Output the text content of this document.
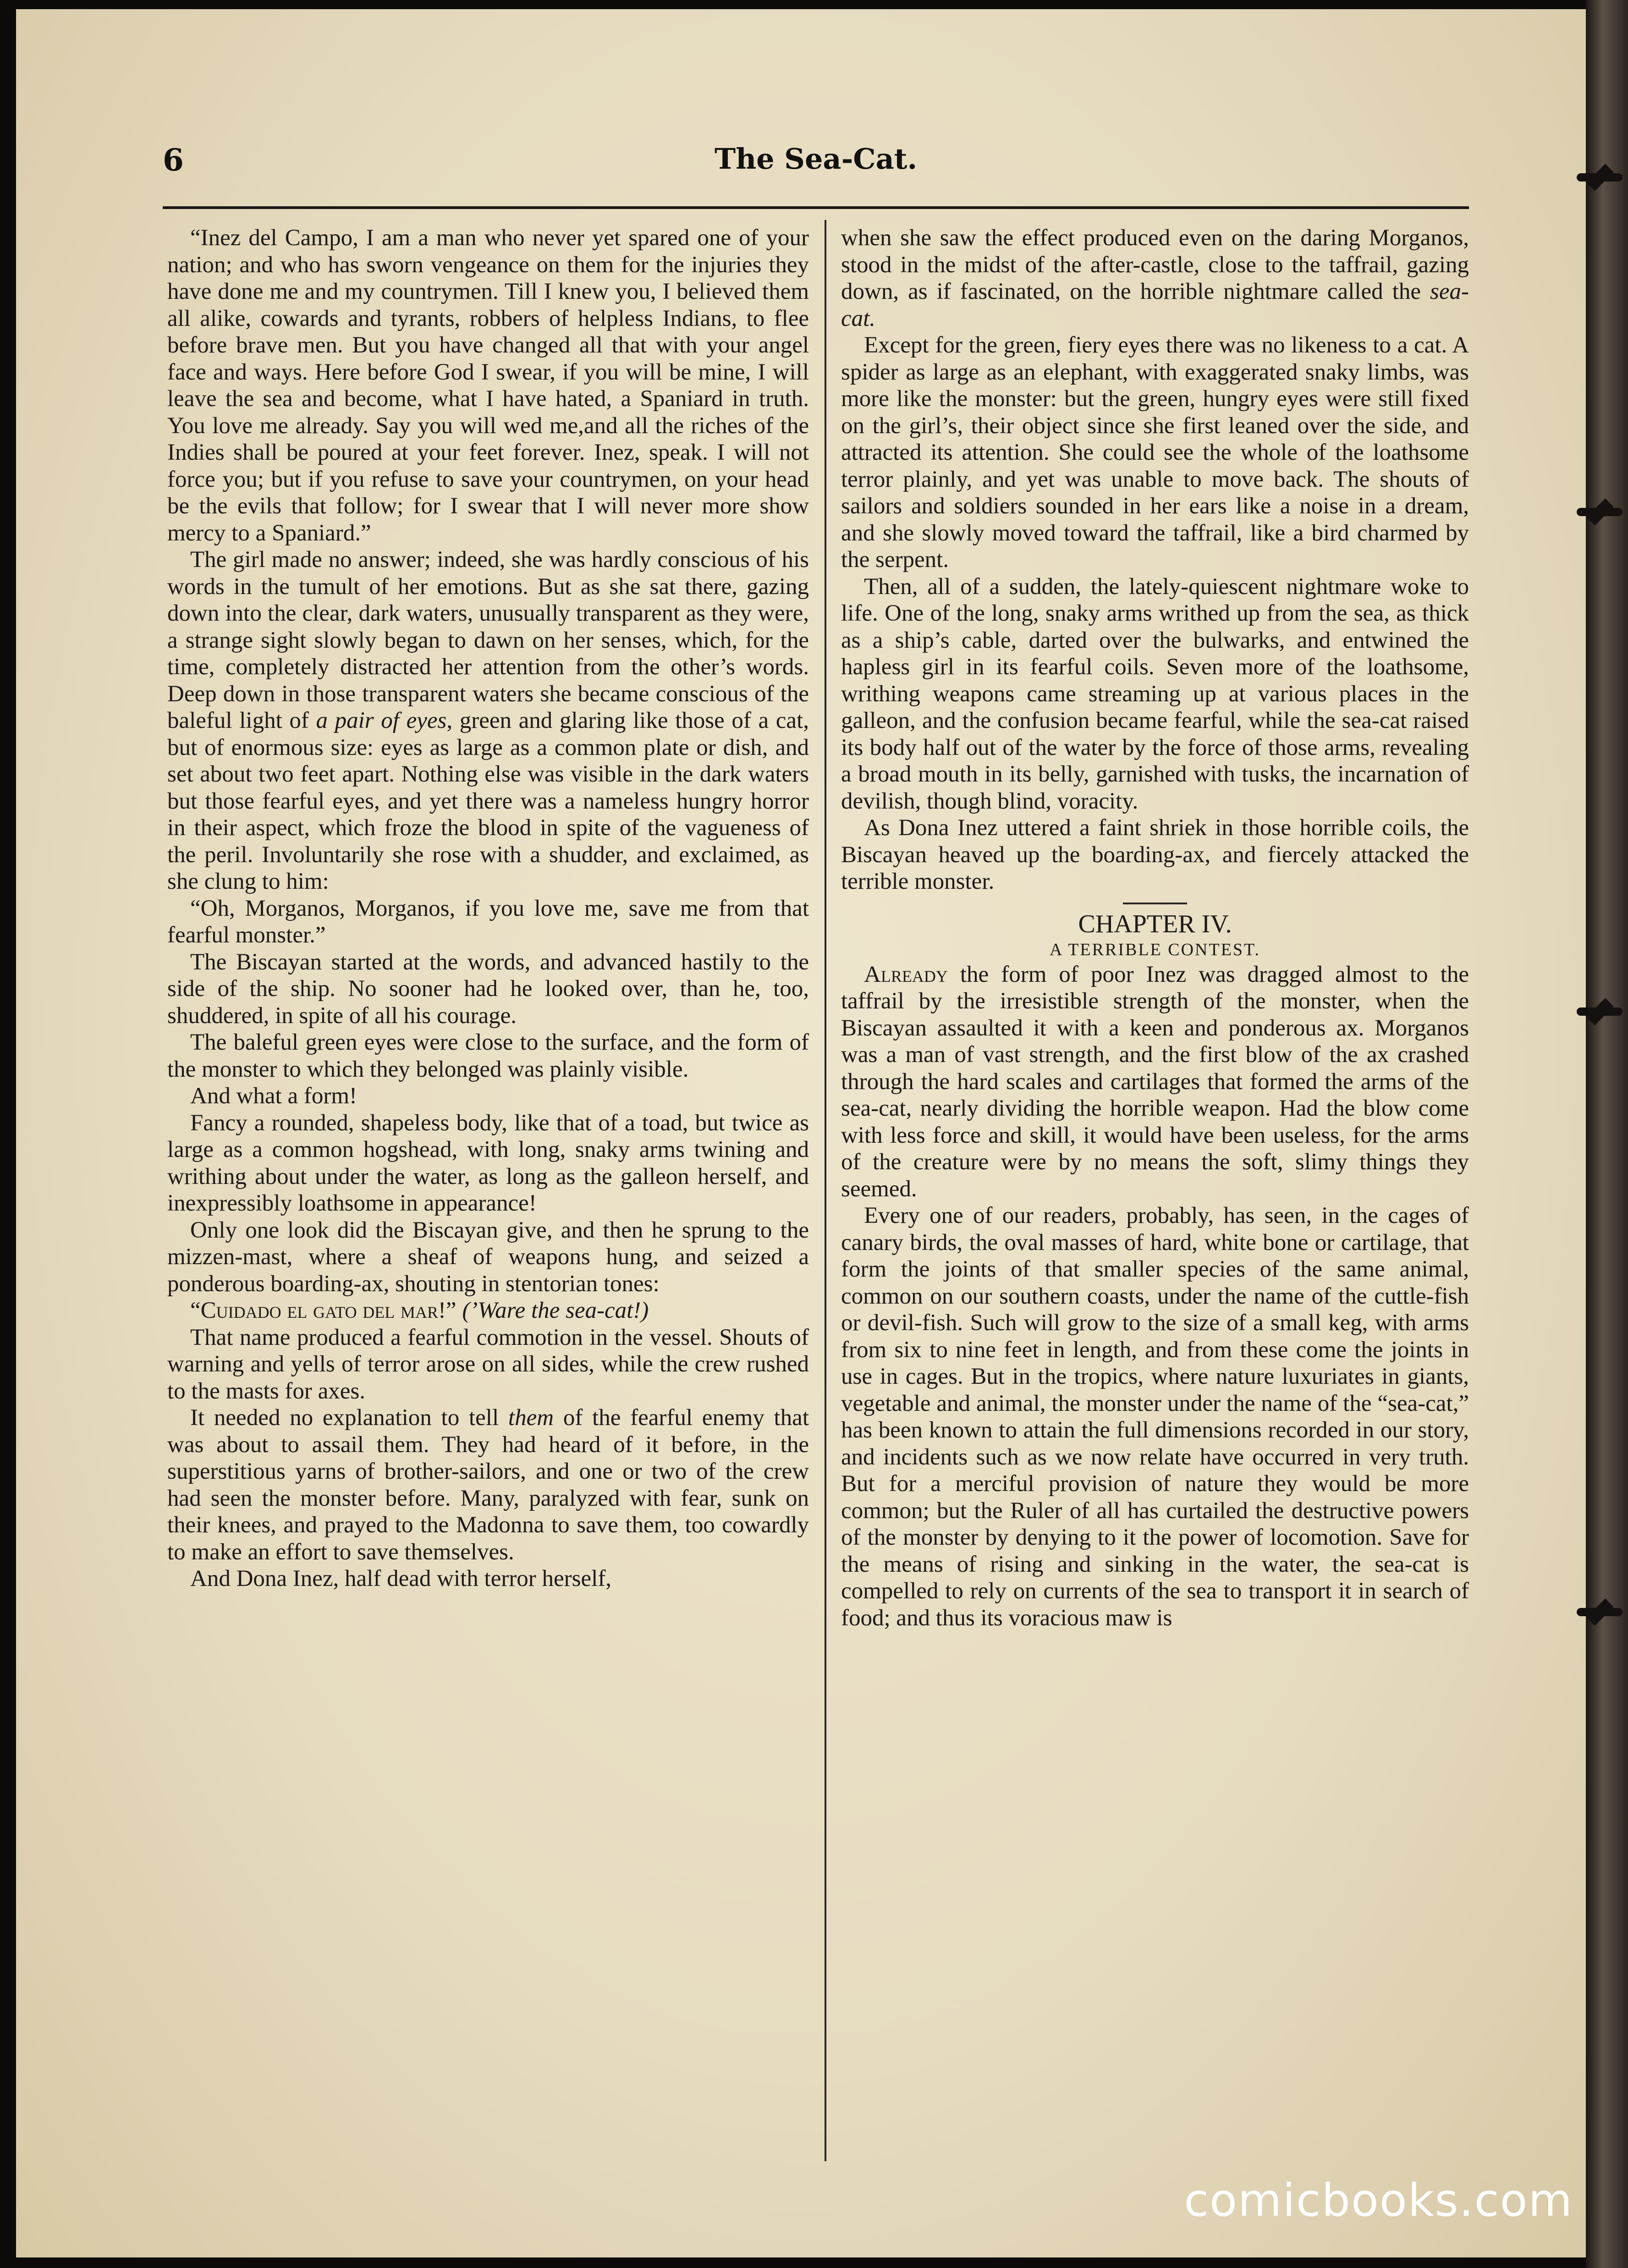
6	The Sea-Cat.

“Inez del Campo, I am a man who never yet spared one of your nation; and who has sworn vengeance on them for the injuries they have done me and my countrymen. Till I knew you, I believed them all alike, cowards and tyrants, robbers of helpless Indians, to flee before brave men. But you have changed all that with your angel face and ways. Here before God I swear, if you will be mine, I will leave the sea and become, what I have hated, a Spaniard in truth. You love me already. Say you will wed me,and all the riches of the Indies shall be poured at your feet forever. Inez, speak. I will not force you; but if you refuse to save your countrymen, on your head be the evils that follow; for I swear that I will never more show mercy to a Spaniard.”

The girl made no answer; indeed, she was hardly conscious of his words in the tumult of her emotions. But as she sat there, gazing down into the clear, dark waters, unusually transparent as they were, a strange sight slowly began to dawn on her senses, which, for the time, completely distracted her attention from the other’s words. Deep down in those transparent waters she became conscious of the baleful light of a pair of eyes, green and glaring like those of a cat, but of enormous size: eyes as large as a common plate or dish, and set about two feet apart. Nothing else was visible in the dark waters but those fearful eyes, and yet there was a nameless hungry horror in their aspect, which froze the blood in spite of the vagueness of the peril. Involuntarily she rose with a shudder, and exclaimed, as she clung to him:

“Oh, Morganos, Morganos, if you love me, save me from that fearful monster.”

The Biscayan started at the words, and advanced hastily to the side of the ship. No sooner had he looked over, than he, too, shuddered, in spite of all his courage.

The baleful green eyes were close to the surface, and the form of the monster to which they belonged was plainly visible.

And what a form!

Fancy a rounded, shapeless body, like that of a toad, but twice as large as a common hogshead, with long, snaky arms twining and writhing about under the water, as long as the galleon herself, and inexpressibly loathsome in appearance!

Only one look did the Biscayan give, and then he sprung to the mizzen-mast, where a sheaf of weapons hung, and seized a ponderous boarding-ax, shouting in stentorian tones:

“Cuidado el gato del mar!” (’Ware the sea-cat!)

That name produced a fearful commotion in the vessel. Shouts of warning and yells of terror arose on all sides, while the crew rushed to the masts for axes.

It needed no explanation to tell them of the fearful enemy that was about to assail them. They had heard of it before, in the superstitious yarns of brother-sailors, and one or two of the crew had seen the monster before. Many, paralyzed with fear, sunk on their knees, and prayed to the Madonna to save them, too cowardly to make an effort to save themselves.

And Dona Inez, half dead with terror herself,

when she saw the effect produced even on the daring Morganos, stood in the midst of the after-castle, close to the taffrail, gazing down, as if fascinated, on the horrible nightmare called the sea-cat.

Except for the green, fiery eyes there was no likeness to a cat. A spider as large as an elephant, with exaggerated snaky limbs, was more like the monster: but the green, hungry eyes were still fixed on the girl’s, their object since she first leaned over the side, and attracted its attention. She could see the whole of the loathsome terror plainly, and yet was unable to move back. The shouts of sailors and soldiers sounded in her ears like a noise in a dream, and she slowly moved toward the taffrail, like a bird charmed by the serpent.

Then, all of a sudden, the lately-quiescent nightmare woke to life. One of the long, snaky arms writhed up from the sea, as thick as a ship’s cable, darted over the bulwarks, and entwined the hapless girl in its fearful coils. Seven more of the loathsome, writhing weapons came streaming up at various places in the galleon, and the confusion became fearful, while the sea-cat raised its body half out of the water by the force of those arms, revealing a broad mouth in its belly, garnished with tusks, the incarnation of devilish, though blind, voracity.

As Dona Inez uttered a faint shriek in those horrible coils, the Biscayan heaved up the boarding-ax, and fiercely attacked the terrible monster.

CHAPTER IV.

A TERRIBLE CONTEST.

Already the form of poor Inez was dragged almost to the taffrail by the irresistible strength of the monster, when the Biscayan assaulted it with a keen and ponderous ax. Morganos was a man of vast strength, and the first blow of the ax crashed through the hard scales and cartilages that formed the arms of the sea-cat, nearly dividing the horrible weapon. Had the blow come with less force and skill, it would have been useless, for the arms of the creature were by no means the soft, slimy things they seemed.

Every one of our readers, probably, has seen, in the cages of canary birds, the oval masses of hard, white bone or cartilage, that form the joints of that smaller species of the same animal, common on our southern coasts, under the name of the cuttle-fish or devil-fish. Such will grow to the size of a small keg, with arms from six to nine feet in length, and from these come the joints in use in cages. But in the tropics, where nature luxuriates in giants, vegetable and animal, the monster under the name of the “sea-cat,” has been known to attain the full dimensions recorded in our story, and incidents such as we now relate have occurred in very truth. But for a merciful provision of nature they would be more common; but the Ruler of all has curtailed the destructive powers of the monster by denying to it the power of locomotion. Save for the means of rising and sinking in the water, the sea-cat is compelled to rely on currents of the sea to transport it in search of food; and thus its voracious maw is

comicbooks.com
